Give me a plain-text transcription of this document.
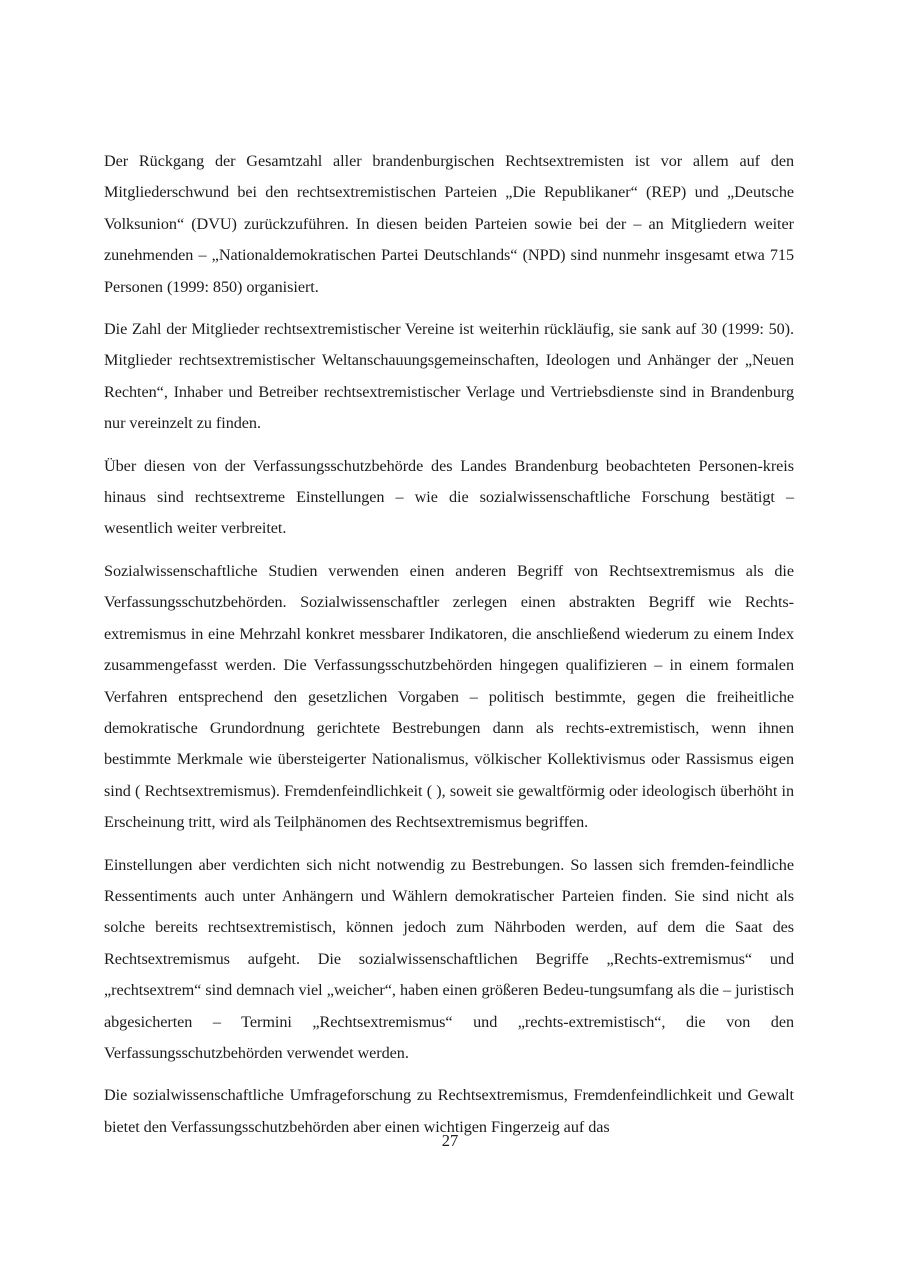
Der Rückgang der Gesamtzahl aller brandenburgischen Rechtsextremisten ist vor allem auf den Mitgliederschwund bei den rechtsextremistischen Parteien „Die Republikaner“ (REP) und „Deutsche Volksunion“ (DVU) zurückzuführen. In diesen beiden Parteien sowie bei der – an Mitgliedern weiter zunehmenden – „Nationaldemokratischen Partei Deutschlands“ (NPD) sind nunmehr insgesamt etwa 715 Personen (1999: 850) organisiert.

Die Zahl der Mitglieder rechtsextremistischer Vereine ist weiterhin rückläufig, sie sank auf 30 (1999: 50). Mitglieder rechtsextremistischer Weltanschauungsgemeinschaften, Ideologen und Anhänger der „Neuen Rechten“, Inhaber und Betreiber rechtsextremistischer Verlage und Vertriebsdienste sind in Brandenburg nur vereinzelt zu finden.

Über diesen von der Verfassungsschutzbehörde des Landes Brandenburg beobachteten Personen-kreis hinaus sind rechtsextreme Einstellungen – wie die sozialwissenschaftliche Forschung bestätigt – wesentlich weiter verbreitet.

Sozialwissenschaftliche Studien verwenden einen anderen Begriff von Rechtsextremismus als die Verfassungsschutzbehörden. Sozialwissenschaftler zerlegen einen abstrakten Begriff wie Rechts-extremismus in eine Mehrzahl konkret messbarer Indikatoren, die anschließend wiederum zu einem Index zusammengefasst werden. Die Verfassungsschutzbehörden hingegen qualifizieren – in einem formalen Verfahren entsprechend den gesetzlichen Vorgaben – politisch bestimmte, gegen die freiheitliche demokratische Grundordnung gerichtete Bestrebungen dann als rechts-extremistisch, wenn ihnen bestimmte Merkmale wie übersteigerter Nationalismus, völkischer Kollektivismus oder Rassismus eigen sind ( Rechtsextremismus). Fremdenfeindlichkeit ( ), soweit sie gewaltförmig oder ideologisch überhöht in Erscheinung tritt, wird als Teilphänomen des Rechtsextremismus begriffen.

Einstellungen aber verdichten sich nicht notwendig zu Bestrebungen. So lassen sich fremden-feindliche Ressentiments auch unter Anhängern und Wählern demokratischer Parteien finden. Sie sind nicht als solche bereits rechtsextremistisch, können jedoch zum Nährboden werden, auf dem die Saat des Rechtsextremismus aufgeht. Die sozialwissenschaftlichen Begriffe „Rechts-extremismus“ und „rechtsextrem“ sind demnach viel „weicher“, haben einen größeren Bedeu-tungsumfang als die – juristisch abgesicherten – Termini „Rechtsextremismus“ und „rechts-extremistisch“, die von den Verfassungsschutzbehörden verwendet werden.

Die sozialwissenschaftliche Umfrageforschung zu Rechtsextremismus, Fremdenfeindlichkeit und Gewalt bietet den Verfassungsschutzbehörden aber einen wichtigen Fingerzeig auf das

27
